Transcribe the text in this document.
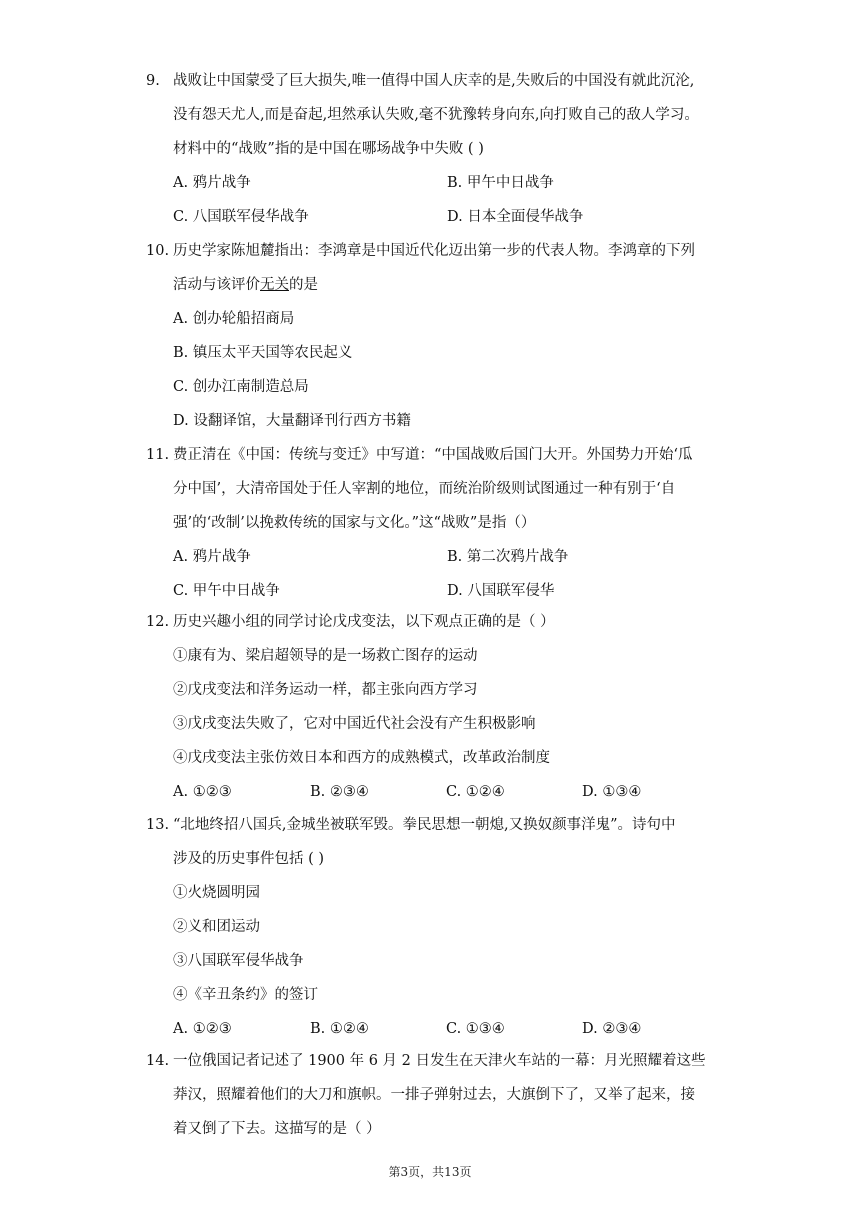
9. 战败让中国蒙受了巨大损失,唯一值得中国人庆幸的是,失败后的中国没有就此沉沦,
没有怨天尤人,而是奋起,坦然承认失败,毫不犹豫转身向东,向打败自己的敌人学习。
材料中的“战败”指的是中国在哪场战争中失败 ( )
A. 鸦片战争	B. 甲午中日战争
C. 八国联军侵华战争	D. 日本全面侵华战争
10. 历史学家陈旭麓指出：李鸿章是中国近代化迈出第一步的代表人物。李鸿章的下列
活动与该评价无关的是
A. 创办轮船招商局
B. 镇压太平天国等农民起义
C. 创办江南制造总局
D. 设翻译馆，大量翻译刊行西方书籍
11. 费正清在《中国：传统与变迁》中写道：“中国战败后国门大开。外国势力开始‘瓜
分中国’，大清帝国处于任人宰割的地位，而统治阶级则试图通过一种有别于‘自
强’的‘改制’以挽救传统的国家与文化。”这“战败”是指（）
A. 鸦片战争	B. 第二次鸦片战争
C. 甲午中日战争	D. 八国联军侵华
12. 历史兴趣小组的同学讨论戊戌变法，以下观点正确的是（ ）
①康有为、梁启超领导的是一场救亡图存的运动
②戊戌变法和洋务运动一样，都主张向西方学习
③戊戌变法失败了，它对中国近代社会没有产生积极影响
④戊戌变法主张仿效日本和西方的成熟模式，改革政治制度
A. ①②③	B. ②③④	C. ①②④	D. ①③④
13. “北地终招八国兵,金城坐被联军毁。拳民思想一朝熄,又换奴颜事洋鬼”。诗句中
涉及的历史事件包括 ( )
①火烧圆明园
②义和团运动
③八国联军侵华战争
④《辛丑条约》的签订
A. ①②③	B. ①②④	C. ①③④	D. ②③④
14. 一位俄国记者记述了 1900 年 6 月 2 日发生在天津火车站的一幕：月光照耀着这些
莽汉，照耀着他们的大刀和旗帜。一排子弹射过去，大旗倒下了，又举了起来，接
着又倒了下去。这描写的是（ ）
第3页，共13页
